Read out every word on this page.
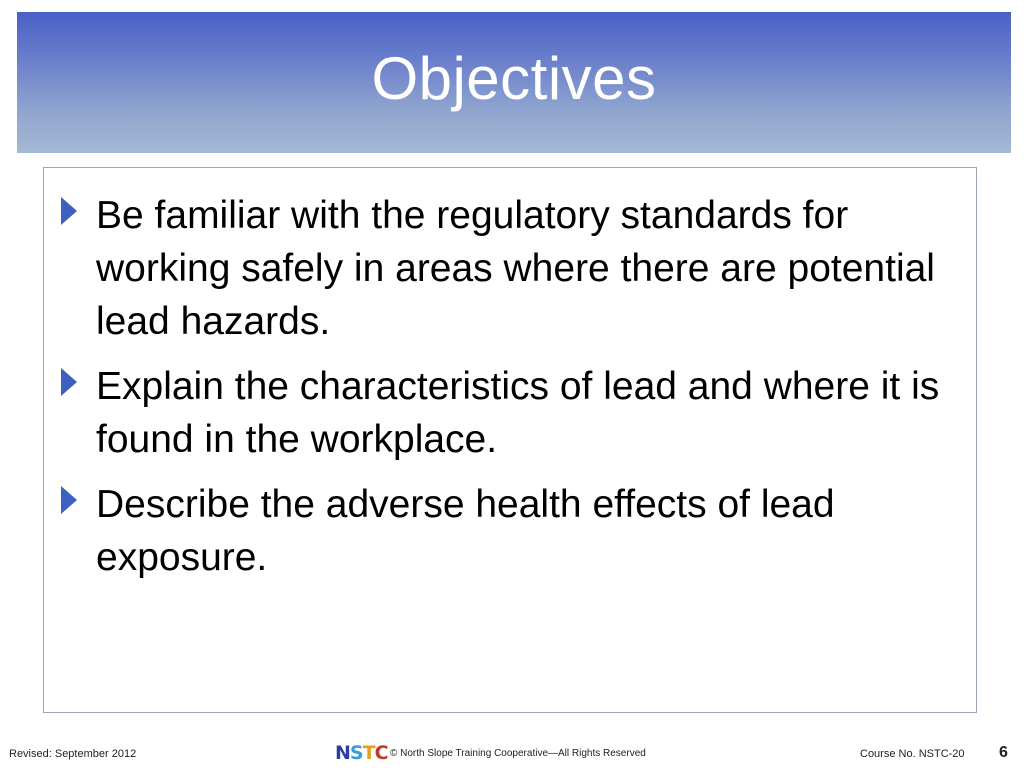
Objectives
Be familiar with the regulatory standards for working safely in areas where there are potential lead hazards.
Explain the characteristics of lead and where it is found in the workplace.
Describe the adverse health effects of lead exposure.
Revised: September 2012	N S T C © North Slope Training Cooperative—All Rights Reserved	Course No. NSTC-20 6
